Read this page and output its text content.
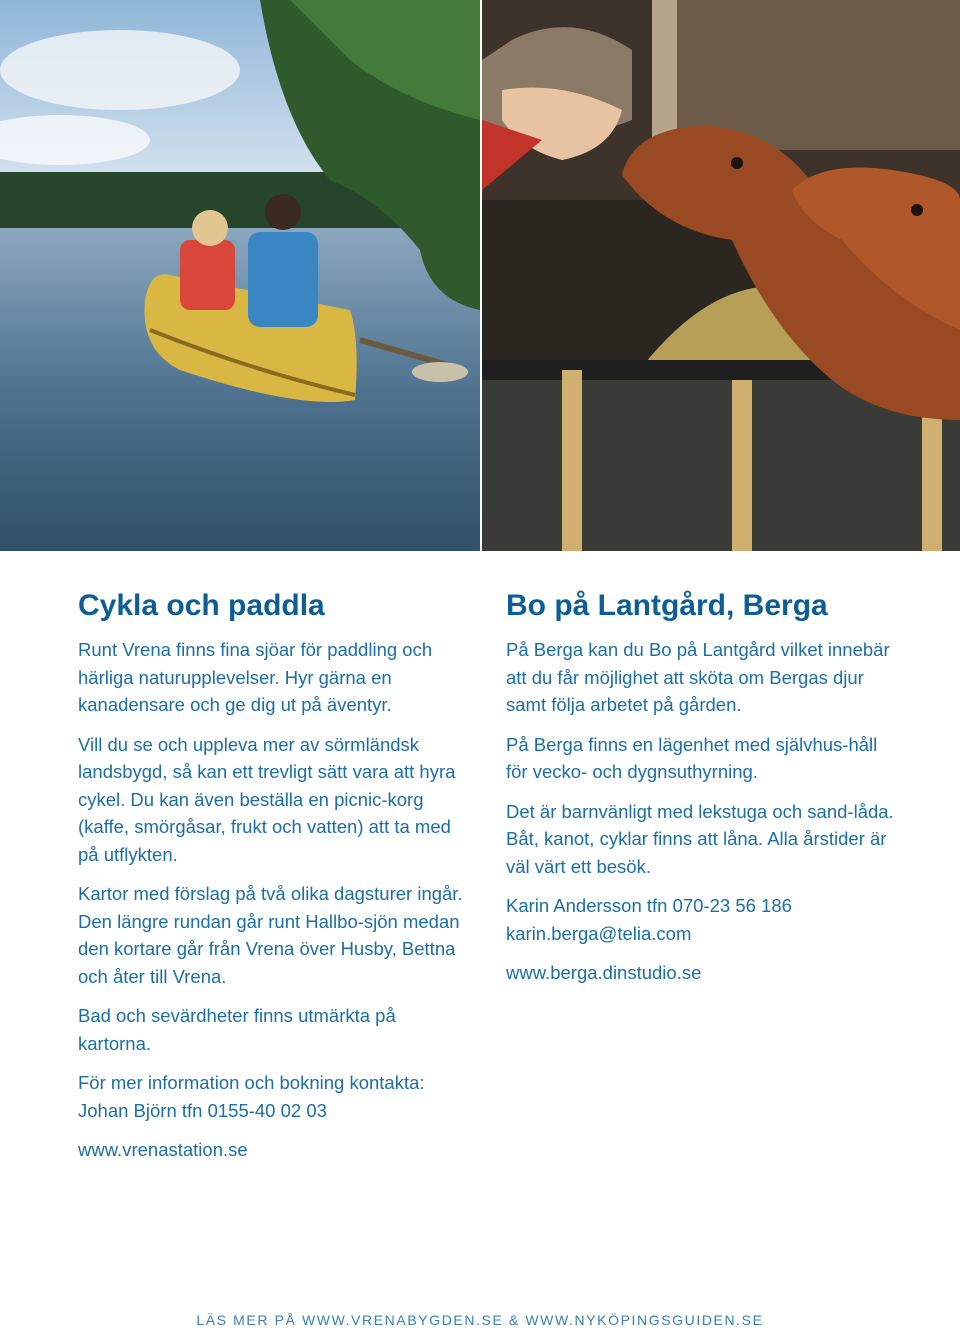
Cykla och paddla

Runt Vrena finns fina sjöar för paddling och härliga naturupplevelser. Hyr gärna en kanadensare och ge dig ut på äventyr.

Vill du se och uppleva mer av sörmländsk landsbygd, så kan ett trevligt sätt vara att hyra cykel. Du kan även beställa en picnic-korg (kaffe, smörgåsar, frukt och vatten) att ta med på utflykten.

Kartor med förslag på två olika dagsturer ingår. Den längre rundan går runt Hallbo-sjön medan den kortare går från Vrena över Husby, Bettna och åter till Vrena.

Bad och sevärdheter finns utmärkta på kartorna.

För mer information och bokning kontakta: Johan Björn tfn 0155-40 02 03

www.vrenastation.se

Bo på Lantgård, Berga

På Berga kan du Bo på Lantgård vilket innebär att du får möjlighet att sköta om Bergas djur samt följa arbetet på gården.

På Berga finns en lägenhet med självhus-håll för vecko- och dygnsuthyrning.

Det är barnvänligt med lekstuga och sand-låda. Båt, kanot, cyklar finns att låna. Alla årstider är väl värt ett besök.

Karin Andersson tfn 070-23 56 186 karin.berga@telia.com

www.berga.dinstudio.se

LÄS MER PÅ WWW.VRENABYGDEN.SE & WWW.NYKÖPINGSGUIDEN.SE
